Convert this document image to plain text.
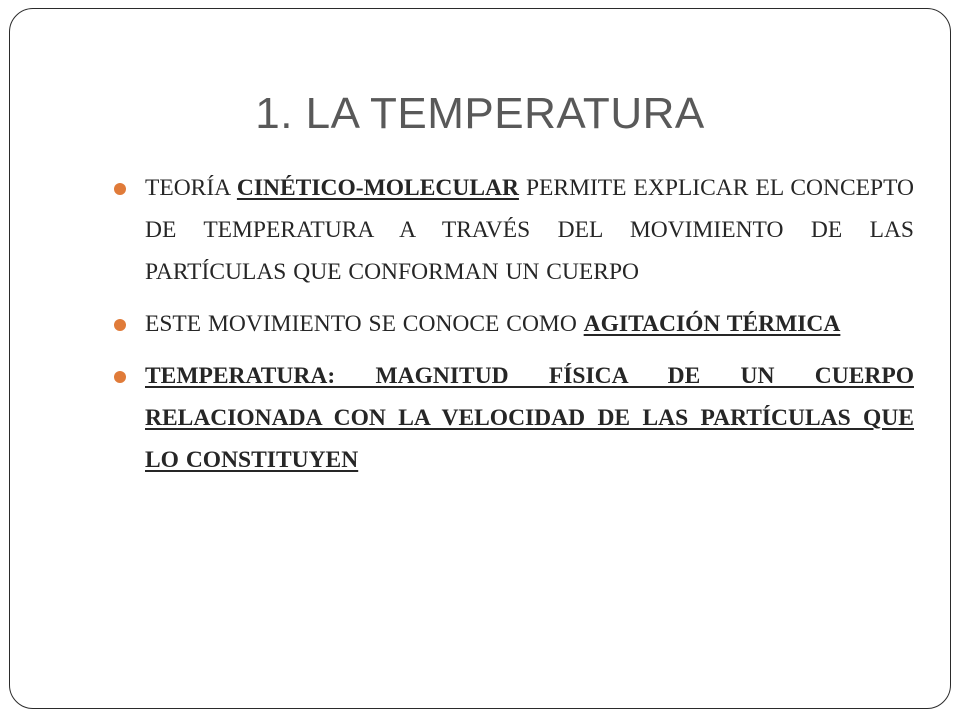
1. LA TEMPERATURA
TEORÍA CINÉTICO-MOLECULAR PERMITE EXPLICAR EL CONCEPTO DE TEMPERATURA A TRAVÉS DEL MOVIMIENTO DE LAS PARTÍCULAS QUE CONFORMAN UN CUERPO
ESTE MOVIMIENTO SE CONOCE COMO AGITACIÓN TÉRMICA
TEMPERATURA: MAGNITUD FÍSICA DE UN CUERPO RELACIONADA CON LA VELOCIDAD DE LAS PARTÍCULAS QUE LO CONSTITUYEN
